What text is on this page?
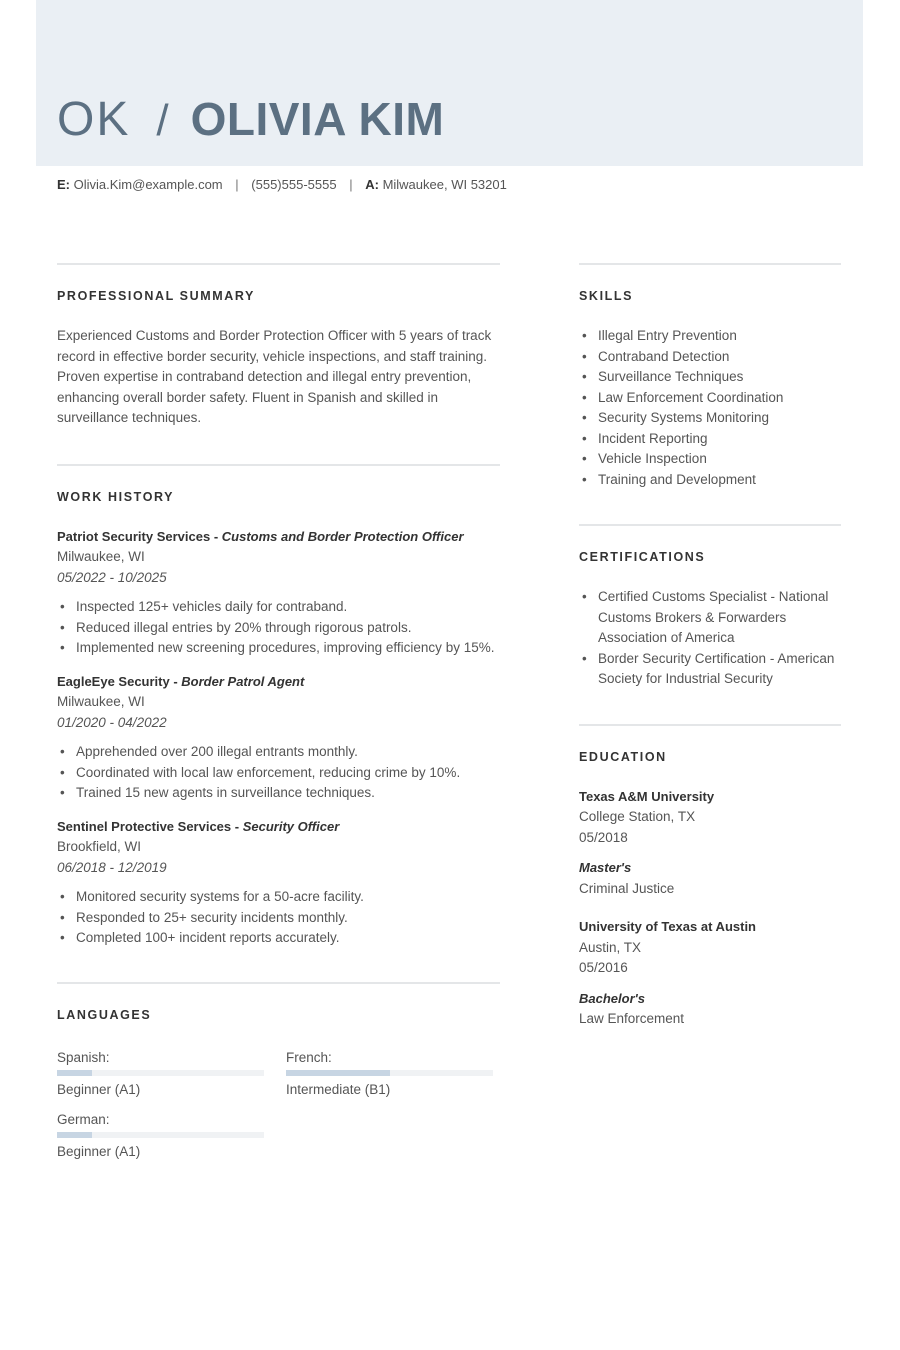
OK / OLIVIA KIM
E: Olivia.Kim@example.com | (555)555-5555 | A: Milwaukee, WI 53201
PROFESSIONAL SUMMARY

Experienced Customs and Border Protection Officer with 5 years of track record in effective border security, vehicle inspections, and staff training. Proven expertise in contraband detection and illegal entry prevention, enhancing overall border safety. Fluent in Spanish and skilled in surveillance techniques.

WORK HISTORY
Patriot Security Services - Customs and Border Protection Officer
Milwaukee, WI
05/2022 - 10/2025
• Inspected 125+ vehicles daily for contraband.
• Reduced illegal entries by 20% through rigorous patrols.
• Implemented new screening procedures, improving efficiency by 15%.
EagleEye Security - Border Patrol Agent
Milwaukee, WI
01/2020 - 04/2022
• Apprehended over 200 illegal entrants monthly.
• Coordinated with local law enforcement, reducing crime by 10%.
• Trained 15 new agents in surveillance techniques.
Sentinel Protective Services - Security Officer
Brookfield, WI
06/2018 - 12/2019
• Monitored security systems for a 50-acre facility.
• Responded to 25+ security incidents monthly.
• Completed 100+ incident reports accurately.
LANGUAGES
Spanish:
Beginner (A1)
French:
Intermediate (B1)
German:
Beginner (A1)
SKILLS
• Illegal Entry Prevention
• Contraband Detection
• Surveillance Techniques
• Law Enforcement Coordination
• Security Systems Monitoring
• Incident Reporting
• Vehicle Inspection
• Training and Development
CERTIFICATIONS
• Certified Customs Specialist - National Customs Brokers & Forwarders Association of America
• Border Security Certification - American Society for Industrial Security
EDUCATION
Texas A&M University
College Station, TX
05/2018
Master's
Criminal Justice
University of Texas at Austin
Austin, TX
05/2016
Bachelor's
Law Enforcement
